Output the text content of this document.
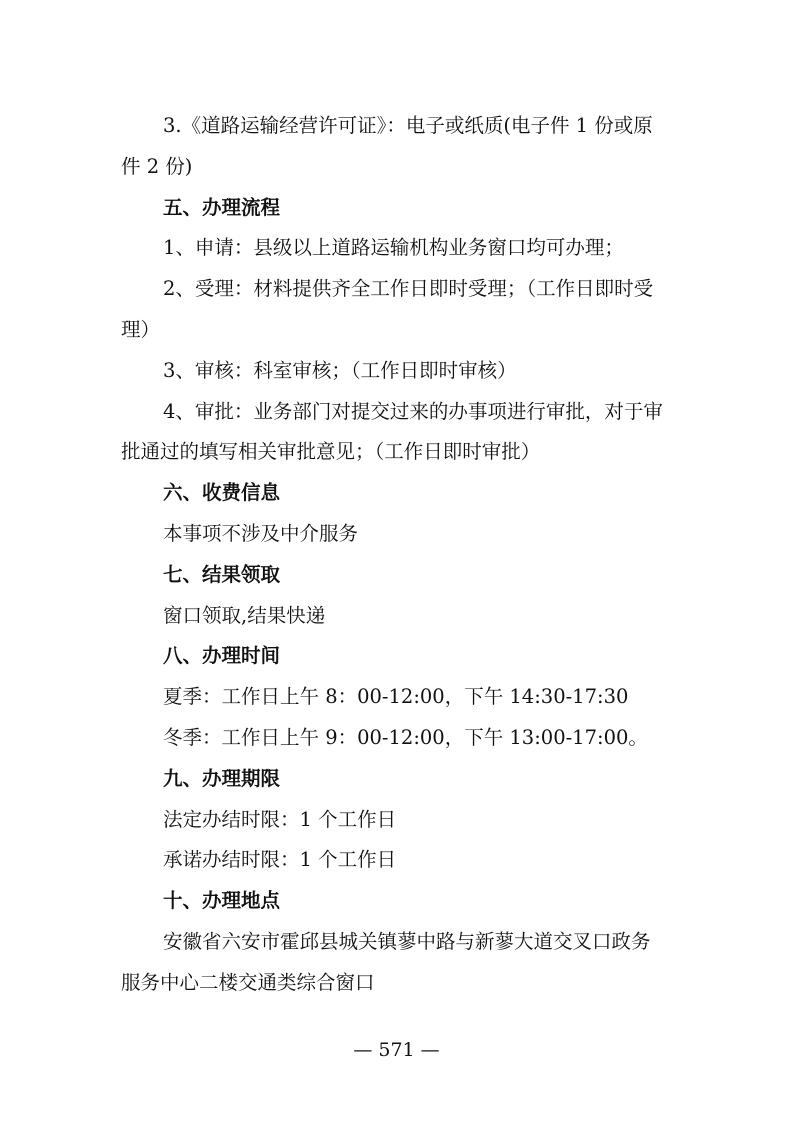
3.《道路运输经营许可证》：电子或纸质(电子件 1 份或原件 2 份)

五、办理流程

1、申请：县级以上道路运输机构业务窗口均可办理；

2、受理：材料提供齐全工作日即时受理；（工作日即时受理）

3、审核：科室审核；（工作日即时审核）

4、审批：业务部门对提交过来的办事项进行审批，对于审批通过的填写相关审批意见；（工作日即时审批）

六、收费信息

本事项不涉及中介服务

七、结果领取

窗口领取,结果快递

八、办理时间

夏季：工作日上午 8：00-12:00，下午 14:30-17:30

冬季：工作日上午 9：00-12:00，下午 13:00-17:00。

九、办理期限

法定办结时限：1 个工作日

承诺办结时限：1 个工作日

十、办理地点

安徽省六安市霍邱县城关镇蓼中路与新蓼大道交叉口政务服务中心二楼交通类综合窗口

— 571 —
